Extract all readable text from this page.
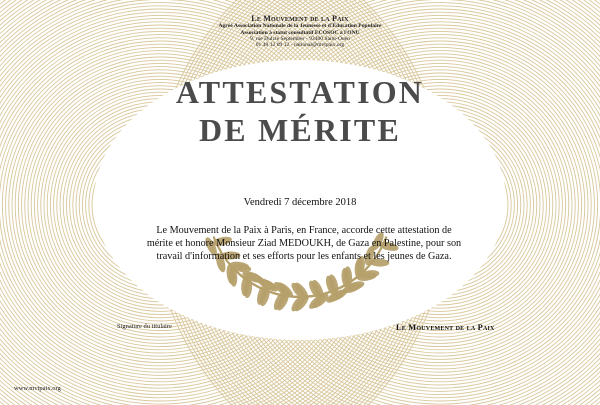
Le Mouvement de la Paix
Agréé Association Nationale de la Jeunesse et d'Éducation Populaire
Association à statut consultatif ECOSOC à l'ONU
9, rue Dulcie September - 93400 Saint-Ouen
01 40 12 09 12 - national@mvtpaix.org
ATTESTATION
DE MÉRITE
Vendredi 7 décembre 2018
Le Mouvement de la Paix à Paris, en France, accorde cette attestation de
mérite et honore Monsieur Ziad MEDOUKH, de Gaza en Palestine, pour son
travail d'information et ses efforts pour les enfants et les jeunes de Gaza.
Signature du titulaire	Le Mouvement de la Paix
www.mvtpaix.org
